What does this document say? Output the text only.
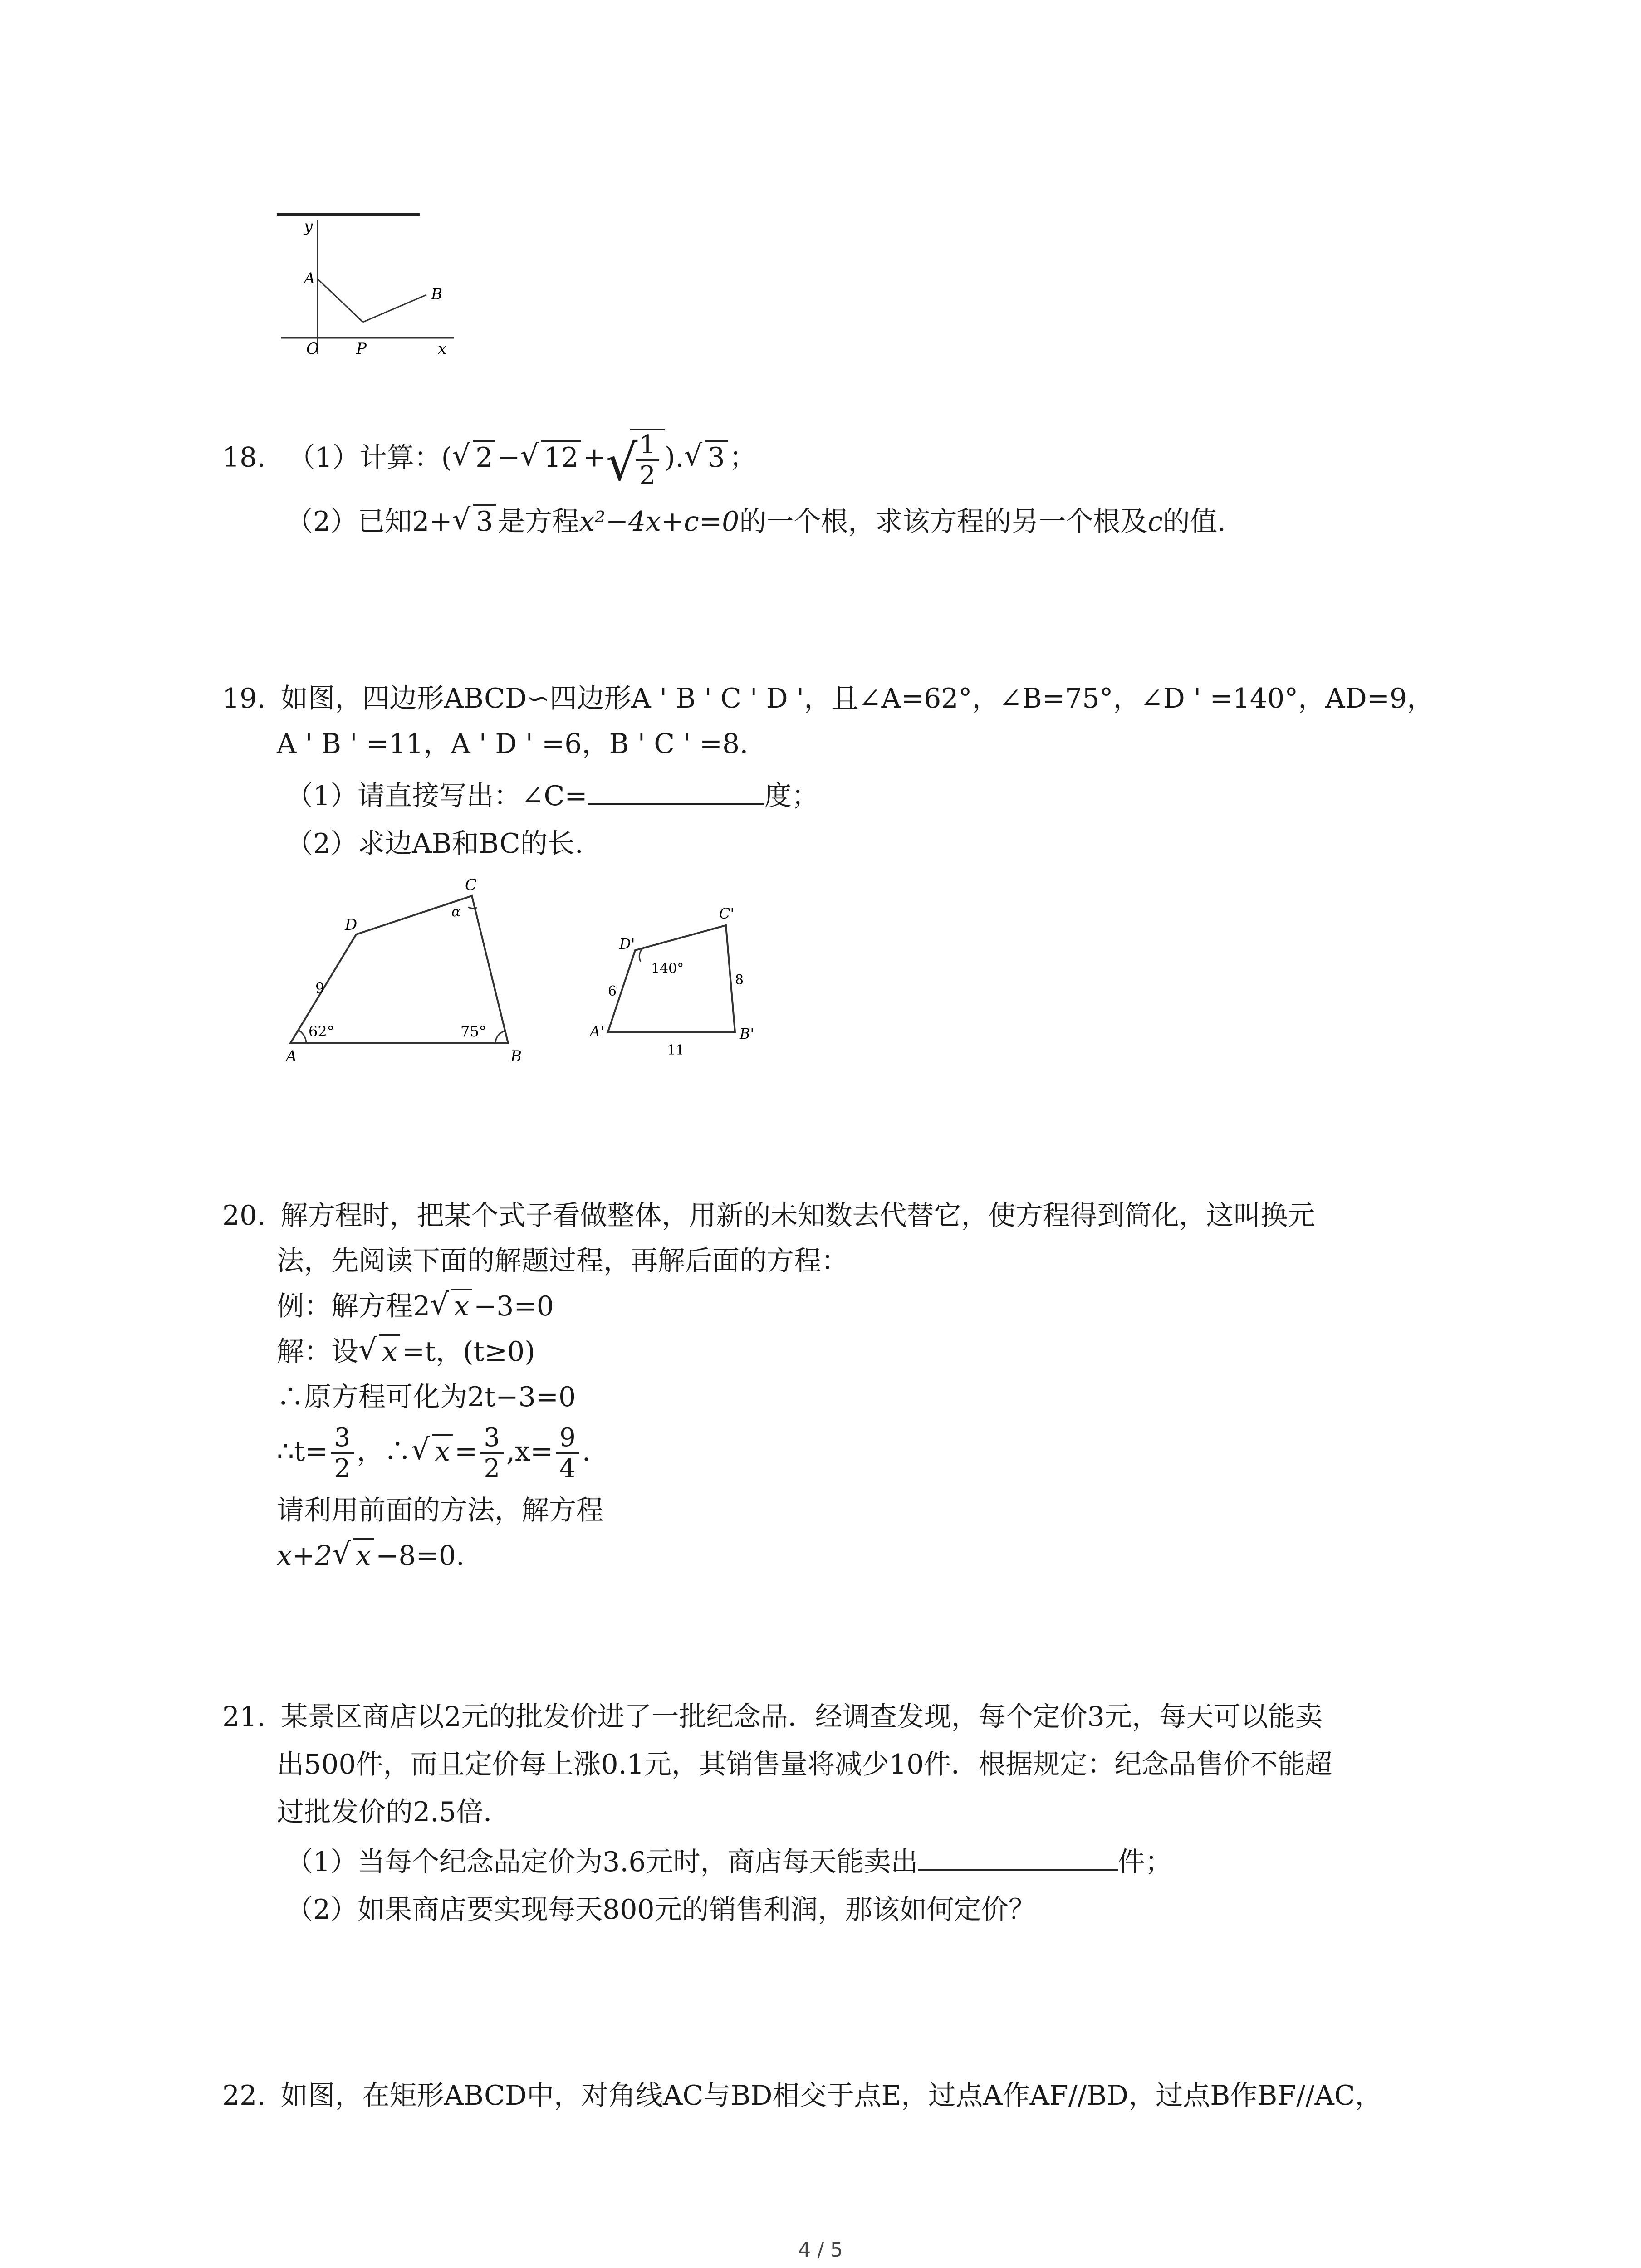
y
A
B
O P	x
18. （1）计算：( √ 2 − √ 12 + √ $\frac{1}{2}$ ). √ 3 ；
（2）已知2+ √ 3 是方程x²−4x+c=0的一个根，求该方程的另一个根及c的值.
19. 如图，四边形ABCD∽四边形A ' B ' C ' D '，且∠A=62°，∠B=75°，∠D ' =140°，AD=9，
A ' B ' =11，A ' D ' =6，B ' C ' =8.
（1）请直接写出：∠C=	度；
（2）求边AB和BC的长.
A	B
C
D
9
62°	75°
α
A'	B'
C'
D'
6
8
11
140°
20. 解方程时，把某个式子看做整体，用新的未知数去代替它，使方程得到简化，这叫换元
法，先阅读下面的解题过程，再解后面的方程：
例：解方程2 √ x −3=0
解：设 √ x =t，(t≥0)
∴原方程可化为2t−3=0
∴t= $\frac{3}{2}$ ，∴ √ $x = \frac{3}{2} ,x= \frac{9}{4}$ .
请利用前面的方法，解方程
x+2 √ x −8=0.
21. 某景区商店以2元的批发价进了一批纪念品．经调查发现，每个定价3元，每天可以能卖
出500件，而且定价每上涨0.1元，其销售量将减少10件．根据规定：纪念品售价不能超
过批发价的2.5倍．
（1）当每个纪念品定价为3.6元时，商店每天能卖出	件；
（2）如果商店要实现每天800元的销售利润，那该如何定价？
22. 如图，在矩形ABCD中，对角线AC与BD相交于点E，过点A作AF//BD，过点B作BF//AC，
4 / 5
